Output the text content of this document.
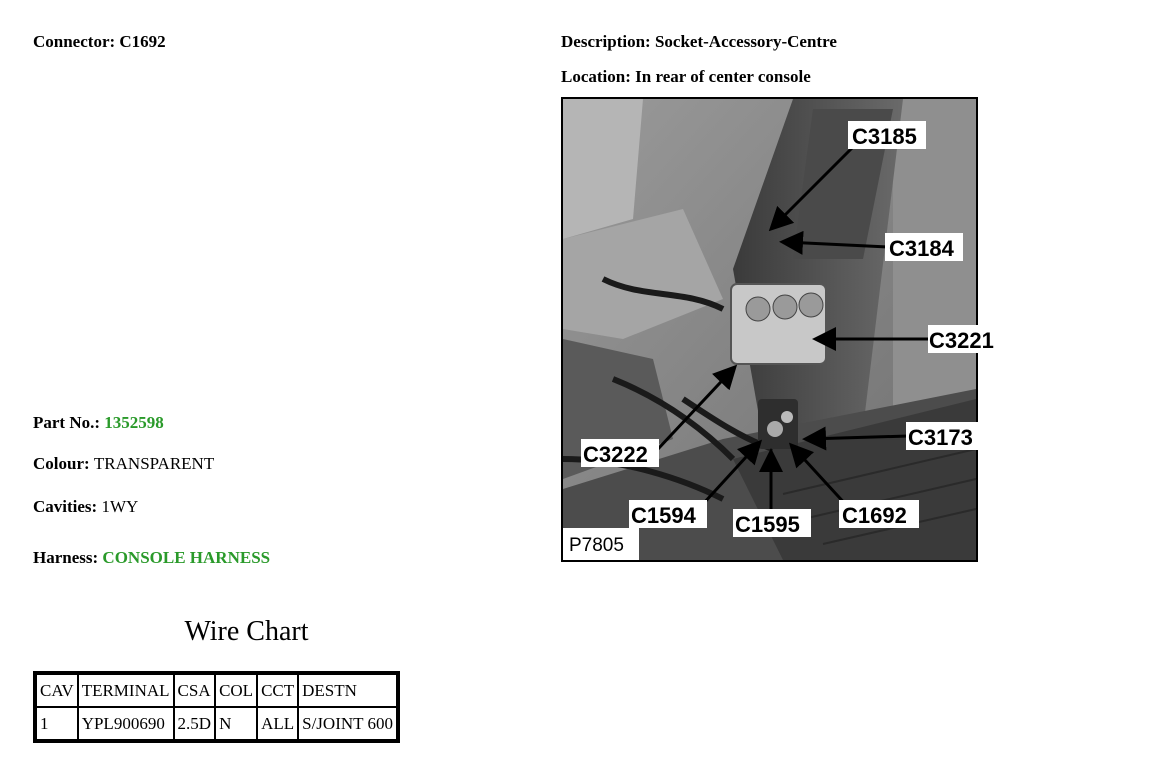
Connector: C1692	Description: Socket-Accessory-Centre
Location: In rear of center console
Part No.: 1352598
Colour: TRANSPARENT
Cavities: 1WY
Harness: CONSOLE HARNESS
Wire Chart
CAV	TERMINAL	CSA	COL	CCT	DESTN
1	YPL900690	2.5D	N	ALL	S/JOINT 600
C3185
C3184
C3221
C3222
C3173
C1594 C1595 C1692
P7805
